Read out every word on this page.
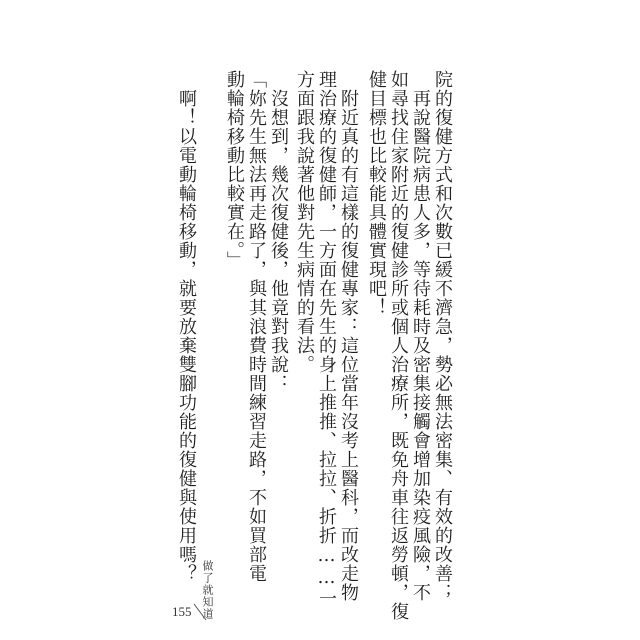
院的復健方式和次數已緩不濟急，勢必無法密集、有效的改善；

　再說醫院病患人多，等待耗時及密集接觸會增加染疫風險，不

如尋找住家附近的復健診所或個人治療所，既免舟車往返勞頓，復

健目標也比較能具體實現吧！

　附近真的有這樣的復健專家：這位當年沒考上醫科，而改走物

理治療的復健師，一方面在先生的身上推推、拉拉、折折……一

方面跟我說著他對先生病情的看法。

　沒想到，幾次復健後，他竟對我說：

「妳先生無法再走路了，與其浪費時間練習走路，不如買部電

動輪椅移動比較實在。」

　啊！以電動輪椅移動，就要放棄雙腳功能的復健與使用嗎？

做了就知道
155
